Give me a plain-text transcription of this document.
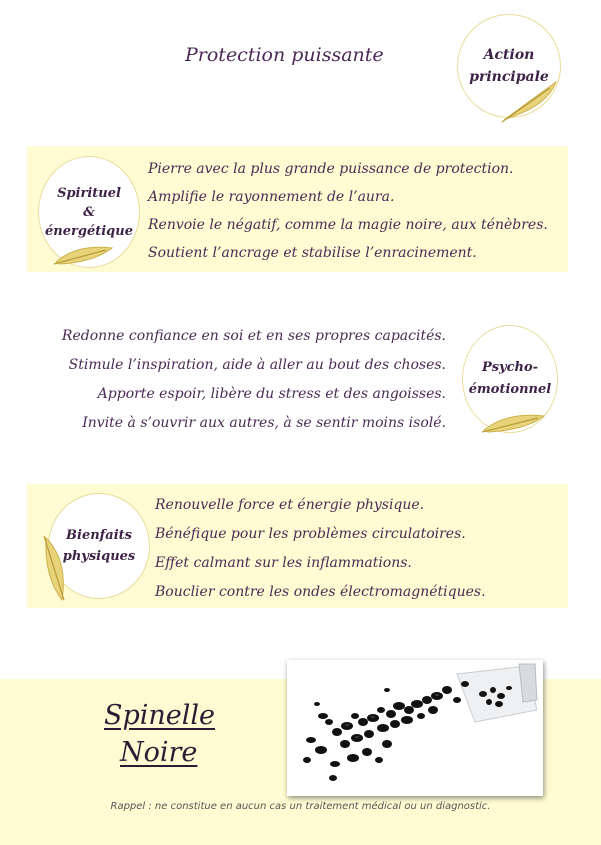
Protection puissante	Action
principale
Spirituel
&
énergétique
Pierre avec la plus grande puissance de protection.
Amplifie le rayonnement de l’aura.
Renvoie le négatif, comme la magie noire, aux ténèbres.
Soutient l’ancrage et stabilise l’enracinement.
Redonne confiance en soi et en ses propres capacités.
Stimule l’inspiration, aide à aller au bout des choses.
Apporte espoir, libère du stress et des angoisses.
Invite à s’ouvrir aux autres, à se sentir moins isolé.
Psycho-
émotionnel
Bienfaits
physiques
Renouvelle force et énergie physique.
Bénéfique pour les problèmes circulatoires.
Effet calmant sur les inflammations.
Bouclier contre les ondes électromagnétiques.
Spinelle
Noire
Rappel : ne constitue en aucun cas un traitement médical ou un diagnostic.
